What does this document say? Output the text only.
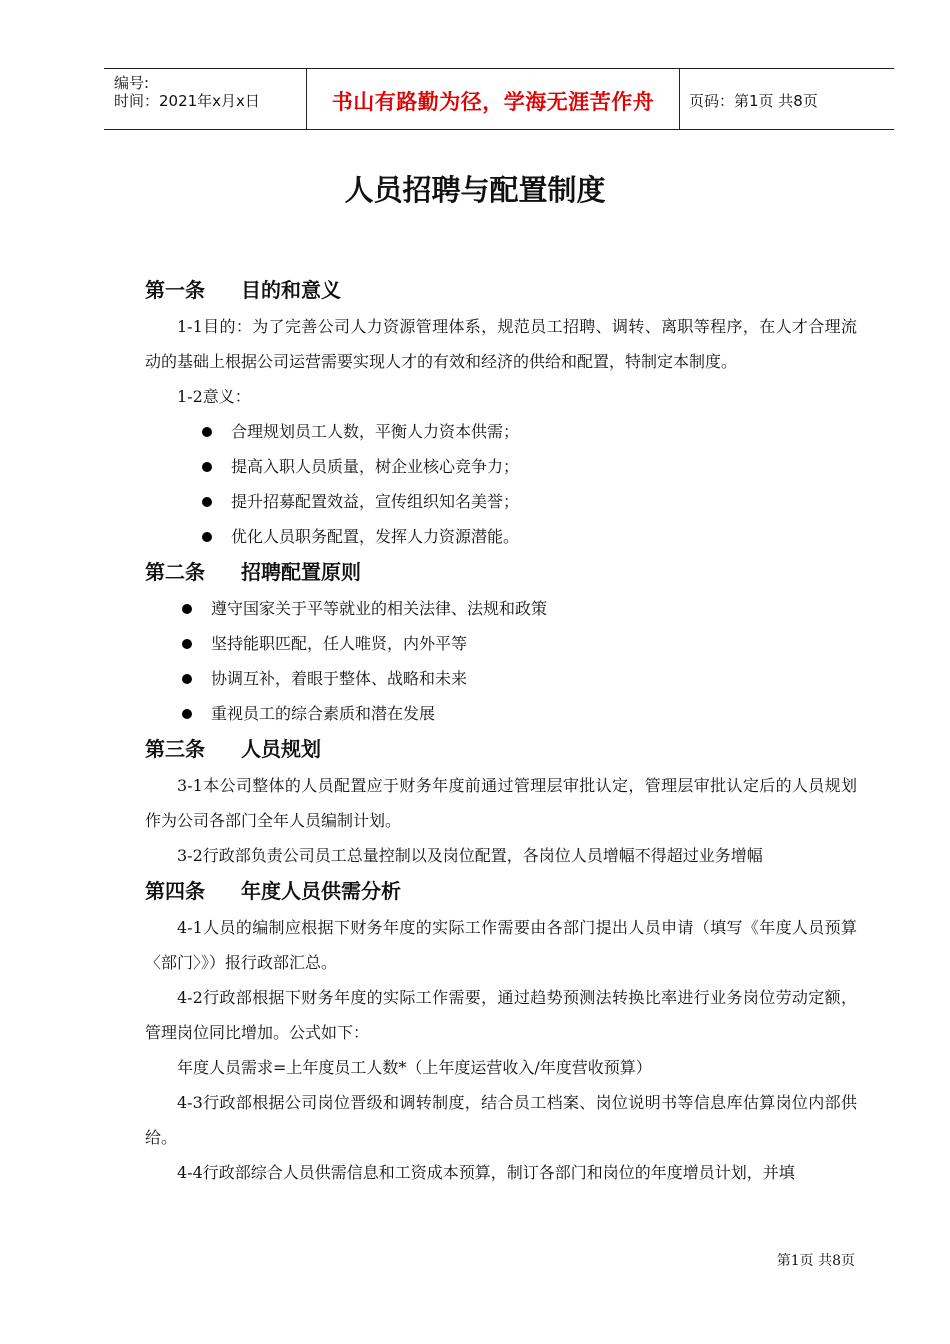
编号:
时间：2021年x月x日	书山有路勤为径，学海无涯苦作舟	页码：第1页 共8页
人员招聘与配置制度
第一条 目的和意义

1-1目的：为了完善公司人力资源管理体系，规范员工招聘、调转、离职等程序，在人才合理流动的基础上根据公司运营需要实现人才的有效和经济的供给和配置，特制定本制度。

1-2意义：

合理规划员工人数，平衡人力资本供需；
提高入职人员质量，树企业核心竞争力；
提升招募配置效益，宣传组织知名美誉；
优化人员职务配置，发挥人力资源潜能。
第二条 招聘配置原则
遵守国家关于平等就业的相关法律、法规和政策
坚持能职匹配，任人唯贤，内外平等
协调互补，着眼于整体、战略和未来
重视员工的综合素质和潜在发展
第三条 人员规划

3-1本公司整体的人员配置应于财务年度前通过管理层审批认定，管理层审批认定后的人员规划作为公司各部门全年人员编制计划。

3-2行政部负责公司员工总量控制以及岗位配置，各岗位人员增幅不得超过业务增幅

第四条 年度人员供需分析

4-1人员的编制应根据下财务年度的实际工作需要由各部门提出人员申请（填写《年度人员预算〈部门〉》）报行政部汇总。

4-2行政部根据下财务年度的实际工作需要，通过趋势预测法转换比率进行业务岗位劳动定额，管理岗位同比增加。公式如下：

年度人员需求=上年度员工人数*（上年度运营收入/年度营收预算）

4-3行政部根据公司岗位晋级和调转制度，结合员工档案、岗位说明书等信息库估算岗位内部供给。

4-4行政部综合人员供需信息和工资成本预算，制订各部门和岗位的年度增员计划，并填

第1页 共8页
